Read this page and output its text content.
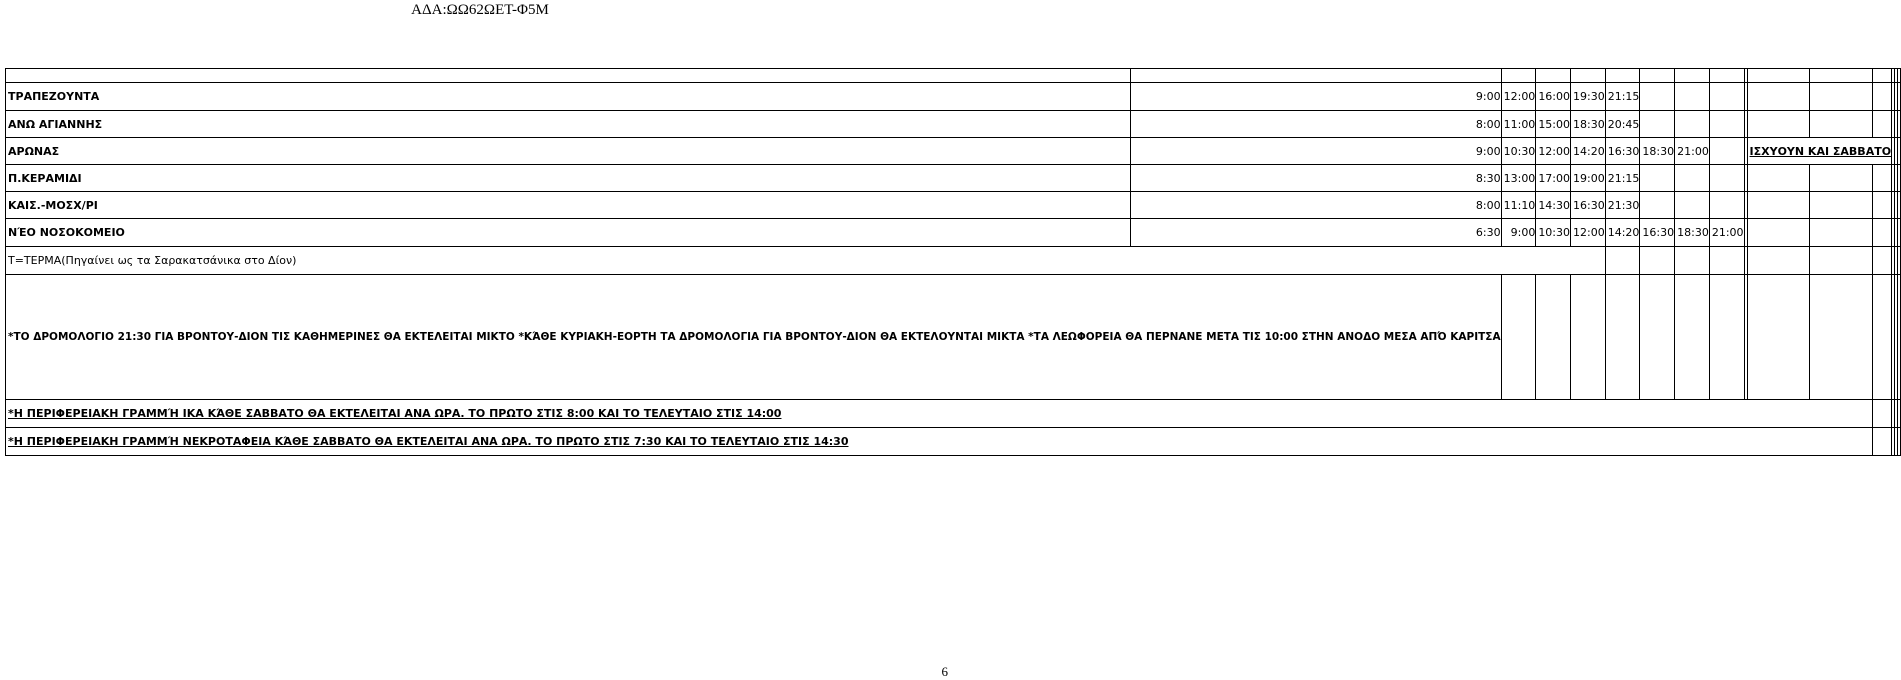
ΑΔΑ:ΩΩ62ΩΕΤ-Φ5Μ

ΤΡΑΠΕΖΟΥΝΤΑ	9:00	12:00	16:00	19:30	21:15										
ΑΝΩ ΑΓΙΑΝΝΗΣ	8:00	11:00	15:00	18:30	20:45										
ΑΡΩΝΑΣ	9:00	10:30	12:00	14:20	16:30	18:30	21:00			ΙΣΧΥΟΥΝ ΚΑΙ ΣΑΒΒΑΤΟ					
Π.ΚΕΡΑΜΙΔΙ	8:30	13:00	17:00	19:00	21:15										
ΚΑΙΣ.-ΜΟΣΧ/ΡΙ	8:00	11:10	14:30	16:30	21:30										
ΝΈΟ ΝΟΣΟΚΟΜΕΙΟ	6:30	9:00	10:30	12:00	14:20	16:30	18:30	21:00							
Τ=ΤΕΡΜΑ(Πηγαίνει ως τα Σαρακατσάνικα στο Δίον)															
*ΤΟ ΔΡΟΜΟΛΟΓΙΟ 21:30 ΓΙΑ ΒΡΟΝΤΟΥ-ΔΙΟΝ ΤΙΣ ΚΑΘΗΜΕΡΙΝΕΣ ΘΑ ΕΚΤΕΛΕΙΤΑΙ ΜΙΚΤΟ *ΚΆΘΕ ΚΥΡΙΑΚΗ-ΕΟΡΤΗ ΤΑ ΔΡΟΜΟΛΟΓΙΑ ΓΙΑ ΒΡΟΝΤΟΥ-ΔΙΟΝ ΘΑ ΕΚΤΕΛΟΥΝΤΑΙ ΜΙΚΤΑ *ΤΑ ΛΕΩΦΟΡΕΙΑ ΘΑ ΠΕΡΝΑΝΕ ΜΕΤΑ ΤΙΣ 10:00 ΣΤΗΝ ΑΝΟΔΟ ΜΕΣΑ ΑΠΌ ΚΑΡΙΤΣΑ															
*Η ΠΕΡΙΦΕΡΕΙΑΚΗ ΓΡΑΜΜΉ ΙΚΑ ΚΆΘΕ ΣΑΒΒΑΤΟ ΘΑ ΕΚΤΕΛΕΙΤΑΙ ΑΝΑ ΩΡΑ. ΤΟ ΠΡΩΤΟ ΣΤΙΣ 8:00 ΚΑΙ ΤΟ ΤΕΛΕΥΤΑΙΟ ΣΤΙΣ 14:00															
*Η ΠΕΡΙΦΕΡΕΙΑΚΗ ΓΡΑΜΜΉ ΝΕΚΡΟΤΑΦΕΙΑ ΚΆΘΕ ΣΑΒΒΑΤΟ ΘΑ ΕΚΤΕΛΕΙΤΑΙ ΑΝΑ ΩΡΑ. ΤΟ ΠΡΩΤΟ ΣΤΙΣ 7:30 ΚΑΙ ΤΟ ΤΕΛΕΥΤΑΙΟ ΣΤΙΣ 14:30															
6
